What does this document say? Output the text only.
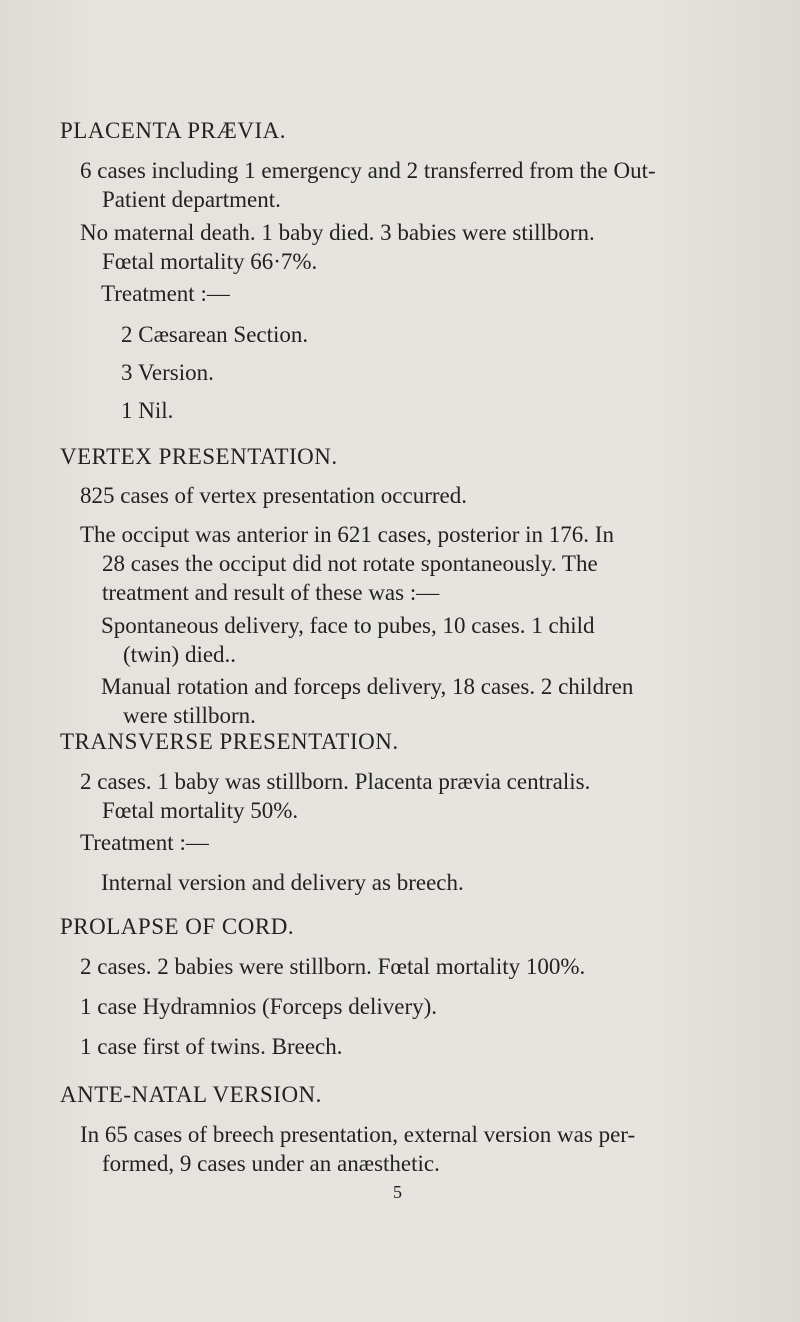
PLACENTA PRÆVIA.
6 cases including 1 emergency and 2 transferred from the Out-
Patient department.
No maternal death. 1 baby died. 3 babies were stillborn.
Fœtal mortality 66·7%.
Treatment :—
2 Cæsarean Section.
3 Version.
1 Nil.
VERTEX PRESENTATION.
825 cases of vertex presentation occurred.
The occiput was anterior in 621 cases, posterior in 176. In
28 cases the occiput did not rotate spontaneously. The
treatment and result of these was :—
Spontaneous delivery, face to pubes, 10 cases. 1 child
(twin) died..
Manual rotation and forceps delivery, 18 cases. 2 children
were stillborn.
TRANSVERSE PRESENTATION.
2 cases. 1 baby was stillborn. Placenta prævia centralis.
Fœtal mortality 50%.
Treatment :—
Internal version and delivery as breech.
PROLAPSE OF CORD.
2 cases. 2 babies were stillborn. Fœtal mortality 100%.
1 case Hydramnios (Forceps delivery).
1 case first of twins. Breech.
ANTE-NATAL VERSION.
In 65 cases of breech presentation, external version was per-
formed, 9 cases under an anæsthetic.
5
